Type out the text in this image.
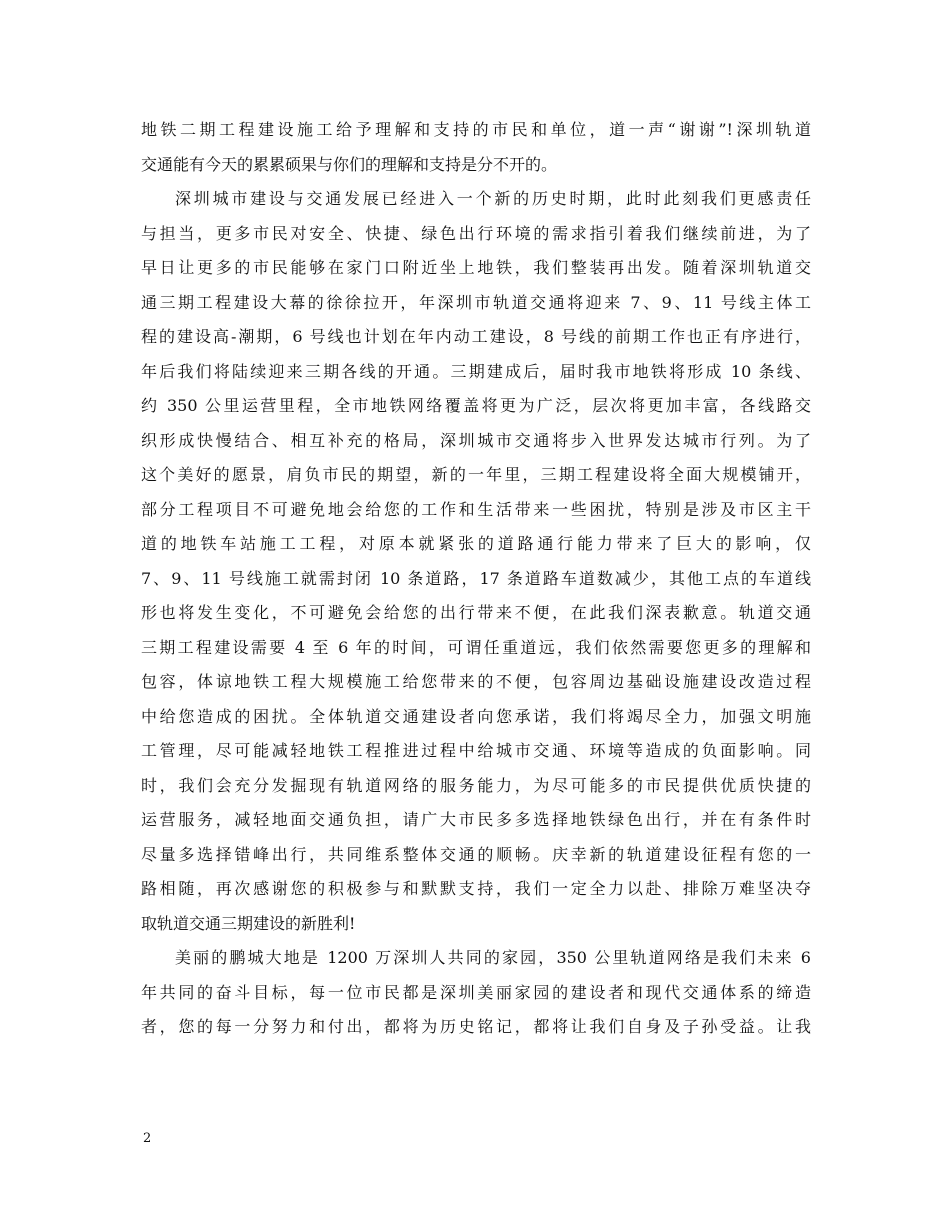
地铁二期工程建设施工给予理解和支持的市民和单位，道一声“谢谢”!深圳轨道
交通能有今天的累累硕果与你们的理解和支持是分不开的。
深圳城市建设与交通发展已经进入一个新的历史时期，此时此刻我们更感责任
与担当，更多市民对安全、快捷、绿色出行环境的需求指引着我们继续前进，为了
早日让更多的市民能够在家门口附近坐上地铁，我们整装再出发。随着深圳轨道交
通三期工程建设大幕的徐徐拉开，年深圳市轨道交通将迎来 7、9、11 号线主体工
程的建设高-潮期，6 号线也计划在年内动工建设，8 号线的前期工作也正有序进行，
年后我们将陆续迎来三期各线的开通。三期建成后，届时我市地铁将形成 10 条线、
约 350 公里运营里程，全市地铁网络覆盖将更为广泛，层次将更加丰富，各线路交
织形成快慢结合、相互补充的格局，深圳城市交通将步入世界发达城市行列。为了
这个美好的愿景，肩负市民的期望，新的一年里，三期工程建设将全面大规模铺开，
部分工程项目不可避免地会给您的工作和生活带来一些困扰，特别是涉及市区主干
道的地铁车站施工工程，对原本就紧张的道路通行能力带来了巨大的影响，仅
7、9、11 号线施工就需封闭 10 条道路，17 条道路车道数减少，其他工点的车道线
形也将发生变化，不可避免会给您的出行带来不便，在此我们深表歉意。轨道交通
三期工程建设需要 4 至 6 年的时间，可谓任重道远，我们依然需要您更多的理解和
包容，体谅地铁工程大规模施工给您带来的不便，包容周边基础设施建设改造过程
中给您造成的困扰。全体轨道交通建设者向您承诺，我们将竭尽全力，加强文明施
工管理，尽可能减轻地铁工程推进过程中给城市交通、环境等造成的负面影响。同
时，我们会充分发掘现有轨道网络的服务能力，为尽可能多的市民提供优质快捷的
运营服务，减轻地面交通负担，请广大市民多多选择地铁绿色出行，并在有条件时
尽量多选择错峰出行，共同维系整体交通的顺畅。庆幸新的轨道建设征程有您的一
路相随，再次感谢您的积极参与和默默支持，我们一定全力以赴、排除万难坚决夺
取轨道交通三期建设的新胜利!
美丽的鹏城大地是 1200 万深圳人共同的家园，350 公里轨道网络是我们未来 6
年共同的奋斗目标，每一位市民都是深圳美丽家园的建设者和现代交通体系的缔造
者，您的每一分努力和付出，都将为历史铭记，都将让我们自身及子孙受益。让我
2
